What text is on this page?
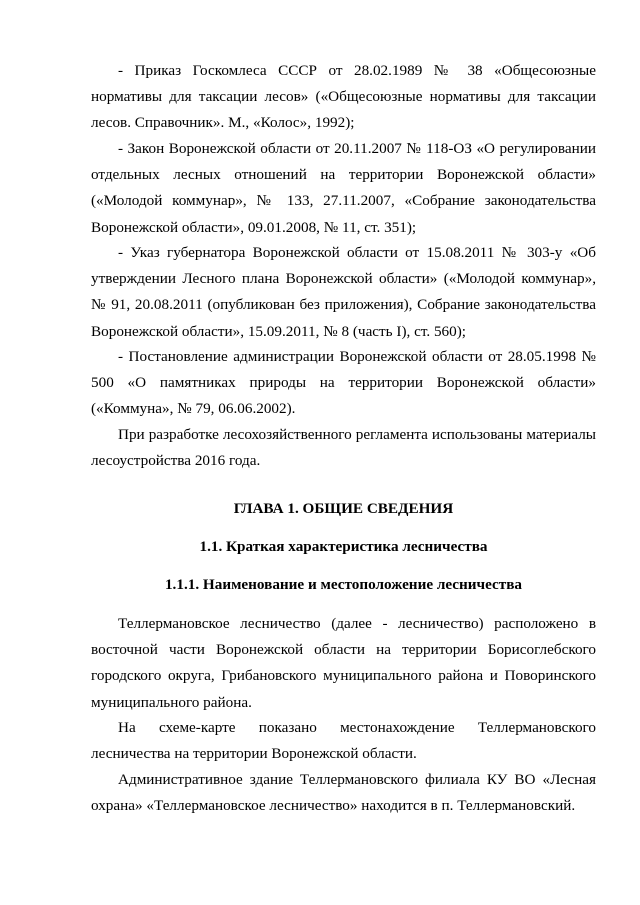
- Приказ Госкомлеса СССР от 28.02.1989 № 38 «Общесоюзные нормативы для таксации лесов» («Общесоюзные нормативы для таксации лесов. Справочник». М., «Колос», 1992);

- Закон Воронежской области от 20.11.2007 № 118-ОЗ «О регулировании отдельных лесных отношений на территории Воронежской области» («Молодой коммунар», № 133, 27.11.2007, «Собрание законодательства Воронежской области», 09.01.2008, № 11, ст. 351);

- Указ губернатора Воронежской области от 15.08.2011 № 303-у «Об утверждении Лесного плана Воронежской области» («Молодой коммунар», № 91, 20.08.2011 (опубликован без приложения), Собрание законодательства Воронежской области», 15.09.2011, № 8 (часть I), ст. 560);

- Постановление администрации Воронежской области от 28.05.1998 № 500 «О памятниках природы на территории Воронежской области» («Коммуна», № 79, 06.06.2002).

При разработке лесохозяйственного регламента использованы материалы лесоустройства 2016 года.

ГЛАВА 1. ОБЩИЕ СВЕДЕНИЯ
1.1. Краткая характеристика лесничества
1.1.1. Наименование и местоположение лесничества

Теллермановское лесничество (далее - лесничество) расположено в восточной части Воронежской области на территории Борисоглебского городского округа, Грибановского муниципального района и Поворинского муниципального района.

На схеме-карте показано местонахождение Теллермановского лесничества на территории Воронежской области.

Административное здание Теллермановского филиала КУ ВО «Лесная охрана» «Теллермановское лесничество» находится в п. Теллермановский.
